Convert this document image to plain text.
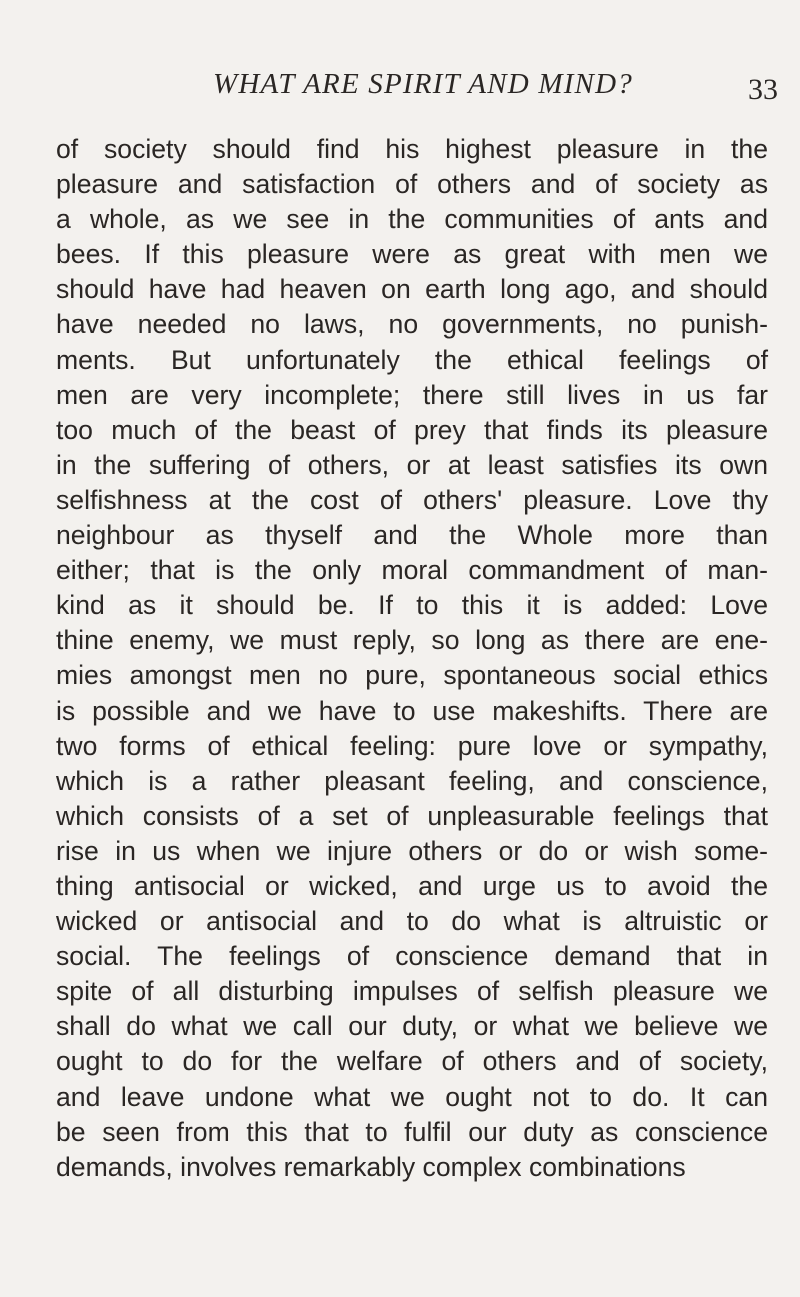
WHAT ARE SPIRIT AND MIND?	33
of society should find his highest pleasure in the
pleasure and satisfaction of others and of society as
a whole, as we see in the communities of ants and
bees. If this pleasure were as great with men we
should have had heaven on earth long ago, and should
have needed no laws, no governments, no punish-
ments. But unfortunately the ethical feelings of
men are very incomplete; there still lives in us far
too much of the beast of prey that finds its pleasure
in the suffering of others, or at least satisfies its own
selfishness at the cost of others' pleasure. Love thy
neighbour as thyself and the Whole more than
either; that is the only moral commandment of man-
kind as it should be. If to this it is added: Love
thine enemy, we must reply, so long as there are ene-
mies amongst men no pure, spontaneous social ethics
is possible and we have to use makeshifts. There are
two forms of ethical feeling: pure love or sympathy,
which is a rather pleasant feeling, and conscience,
which consists of a set of unpleasurable feelings that
rise in us when we injure others or do or wish some-
thing antisocial or wicked, and urge us to avoid the
wicked or antisocial and to do what is altruistic or
social. The feelings of conscience demand that in
spite of all disturbing impulses of selfish pleasure we
shall do what we call our duty, or what we believe we
ought to do for the welfare of others and of society,
and leave undone what we ought not to do. It can
be seen from this that to fulfil our duty as conscience
demands, involves remarkably complex combinations
